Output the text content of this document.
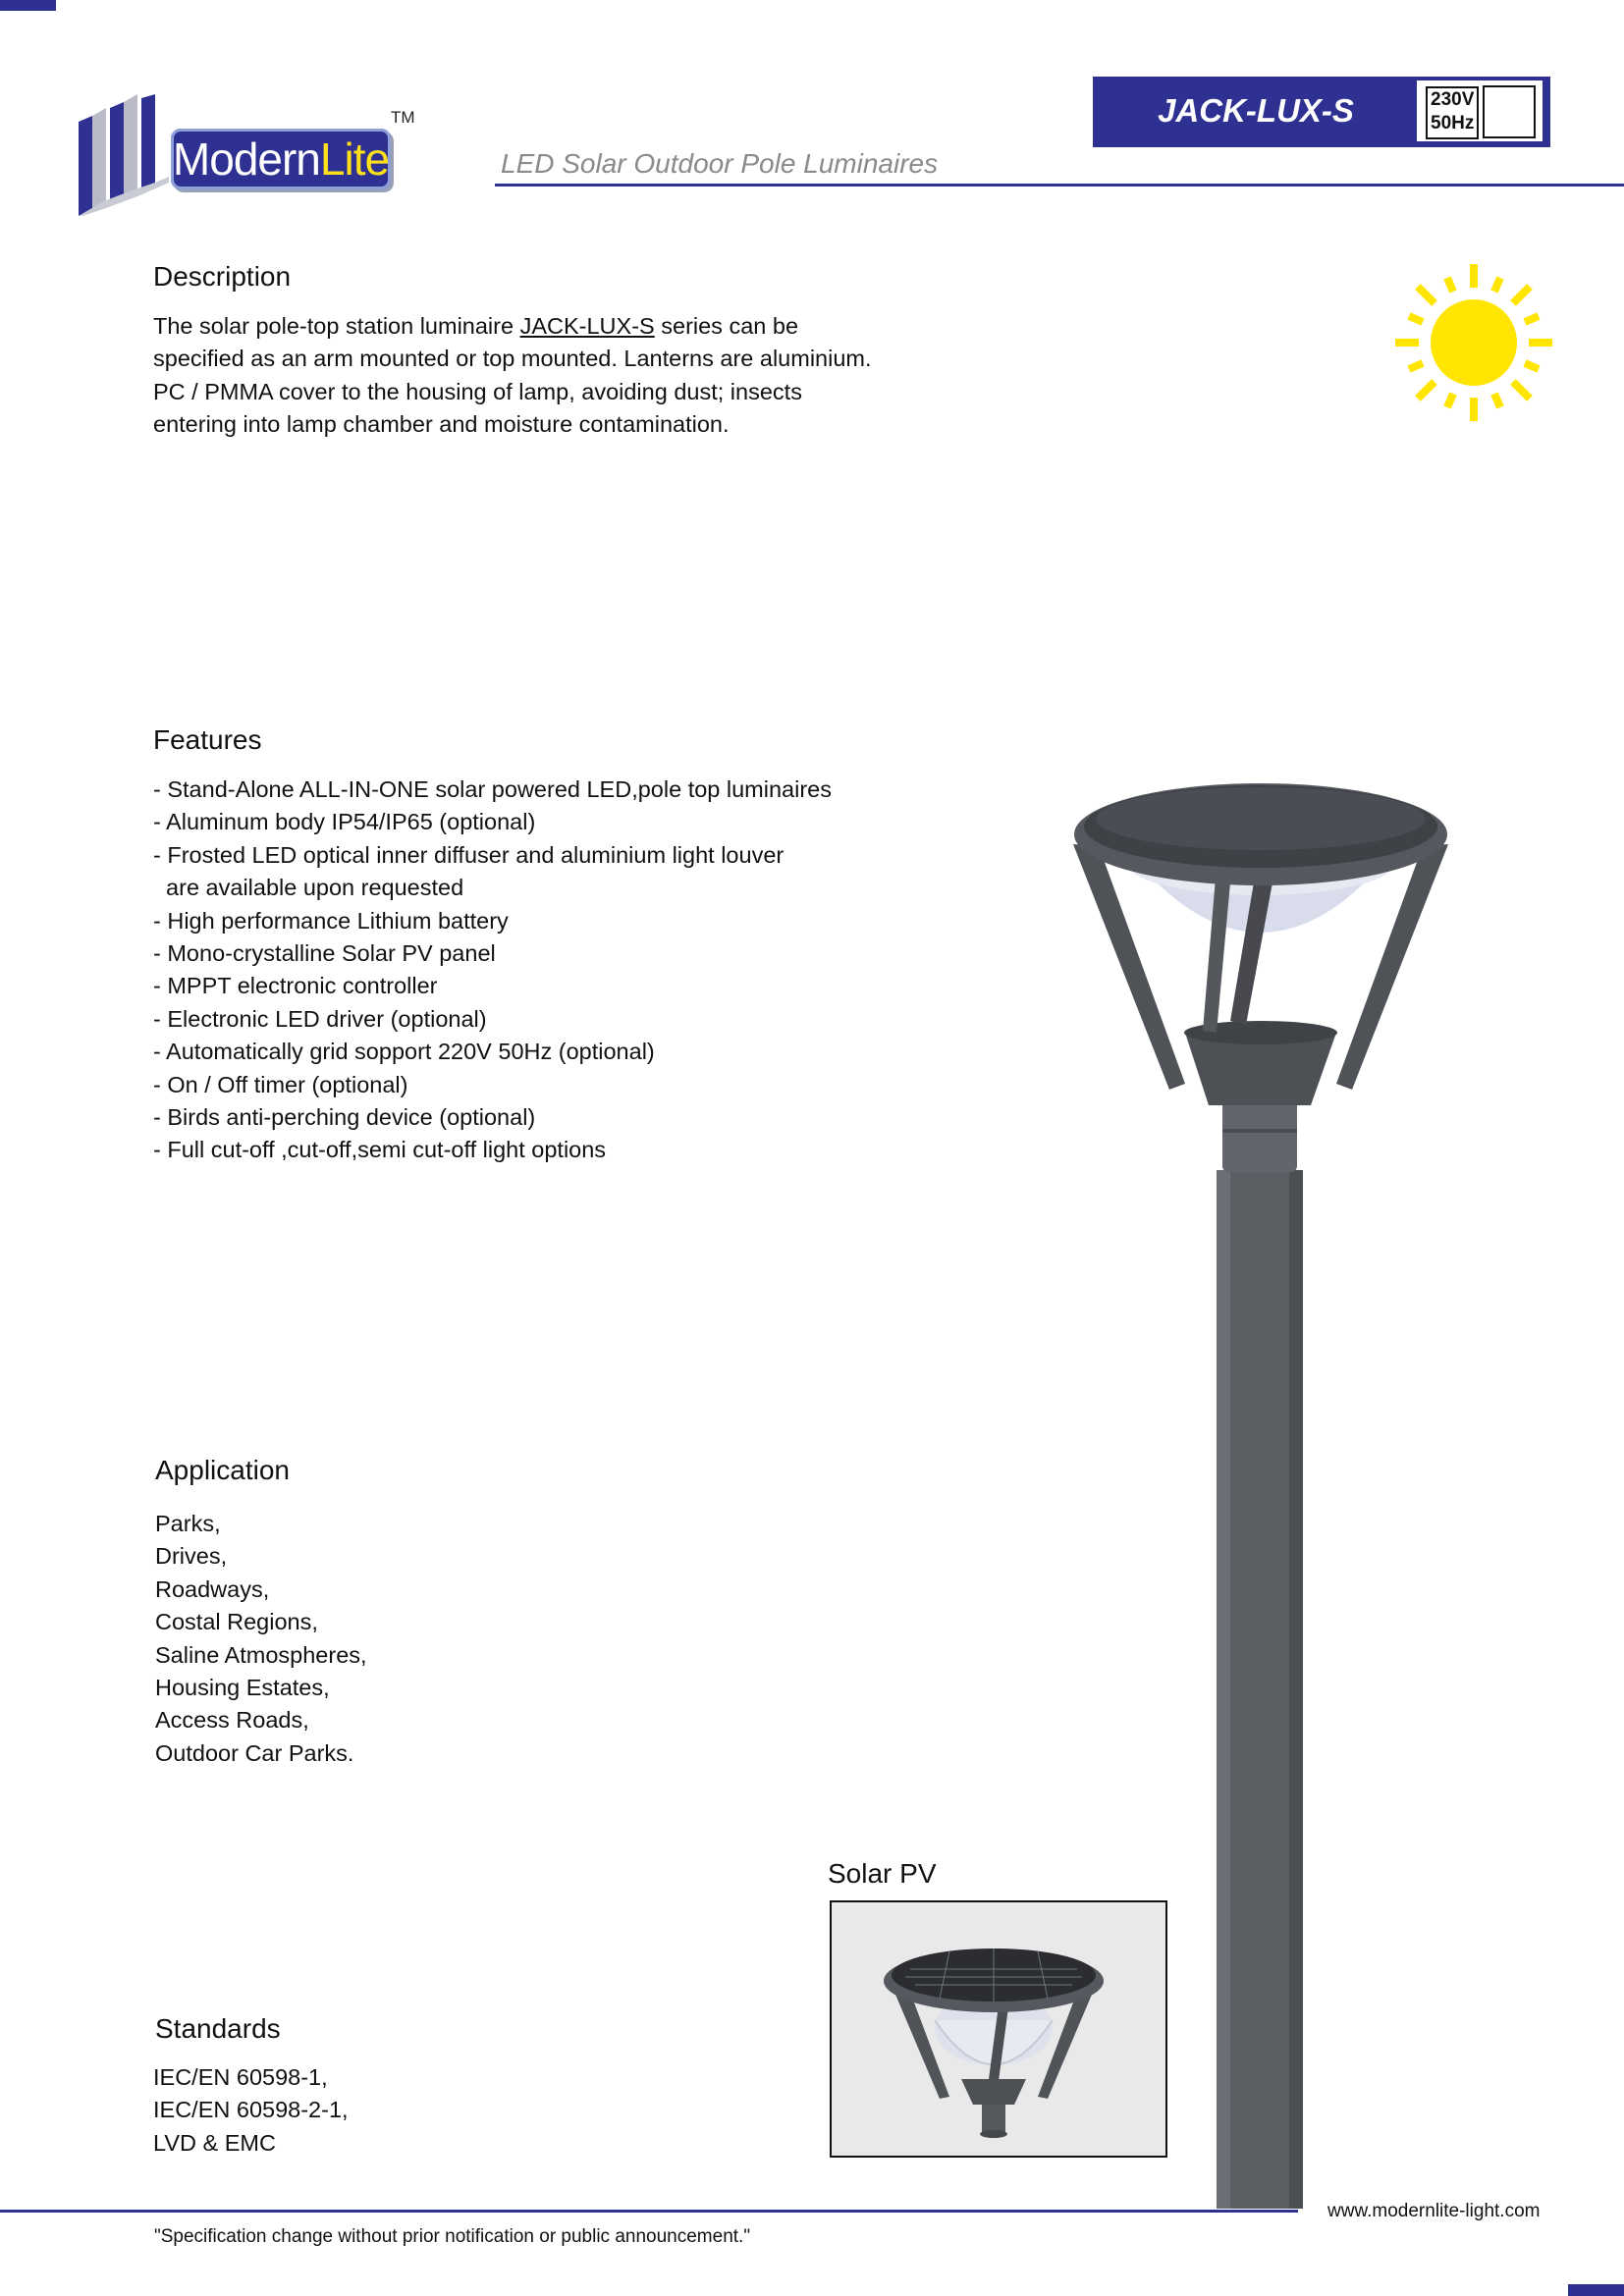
Modern Lite
TM
LED Solar Outdoor Pole Luminaires
JACK-LUX-S	230V
50Hz
Description
The solar pole-top station luminaire JACK-LUX-S series can be
specified as an arm mounted or top mounted. Lanterns are aluminium.
PC / PMMA cover to the housing of lamp, avoiding dust; insects
entering into lamp chamber and moisture contamination.
Features
- Stand-Alone ALL-IN-ONE solar powered LED,pole top luminaires
- Aluminum body IP54/IP65 (optional)
- Frosted LED optical inner diffuser and aluminium light louver
are available upon requested
- High performance Lithium battery
- Mono-crystalline Solar PV panel
- MPPT electronic controller
- Electronic LED driver (optional)
- Automatically grid sopport 220V 50Hz (optional)
- On / Off timer (optional)
- Birds anti-perching device (optional)
- Full cut-off ,cut-off,semi cut-off light options
Application
Parks,
Drives,
Roadways,
Costal Regions,
Saline Atmospheres,
Housing Estates,
Access Roads,
Outdoor Car Parks.
Solar PV
Standards
IEC/EN 60598-1,
IEC/EN 60598-2-1,
LVD & EMC
www.modernlite-light.com
"Specification change without prior notification or public announcement."
